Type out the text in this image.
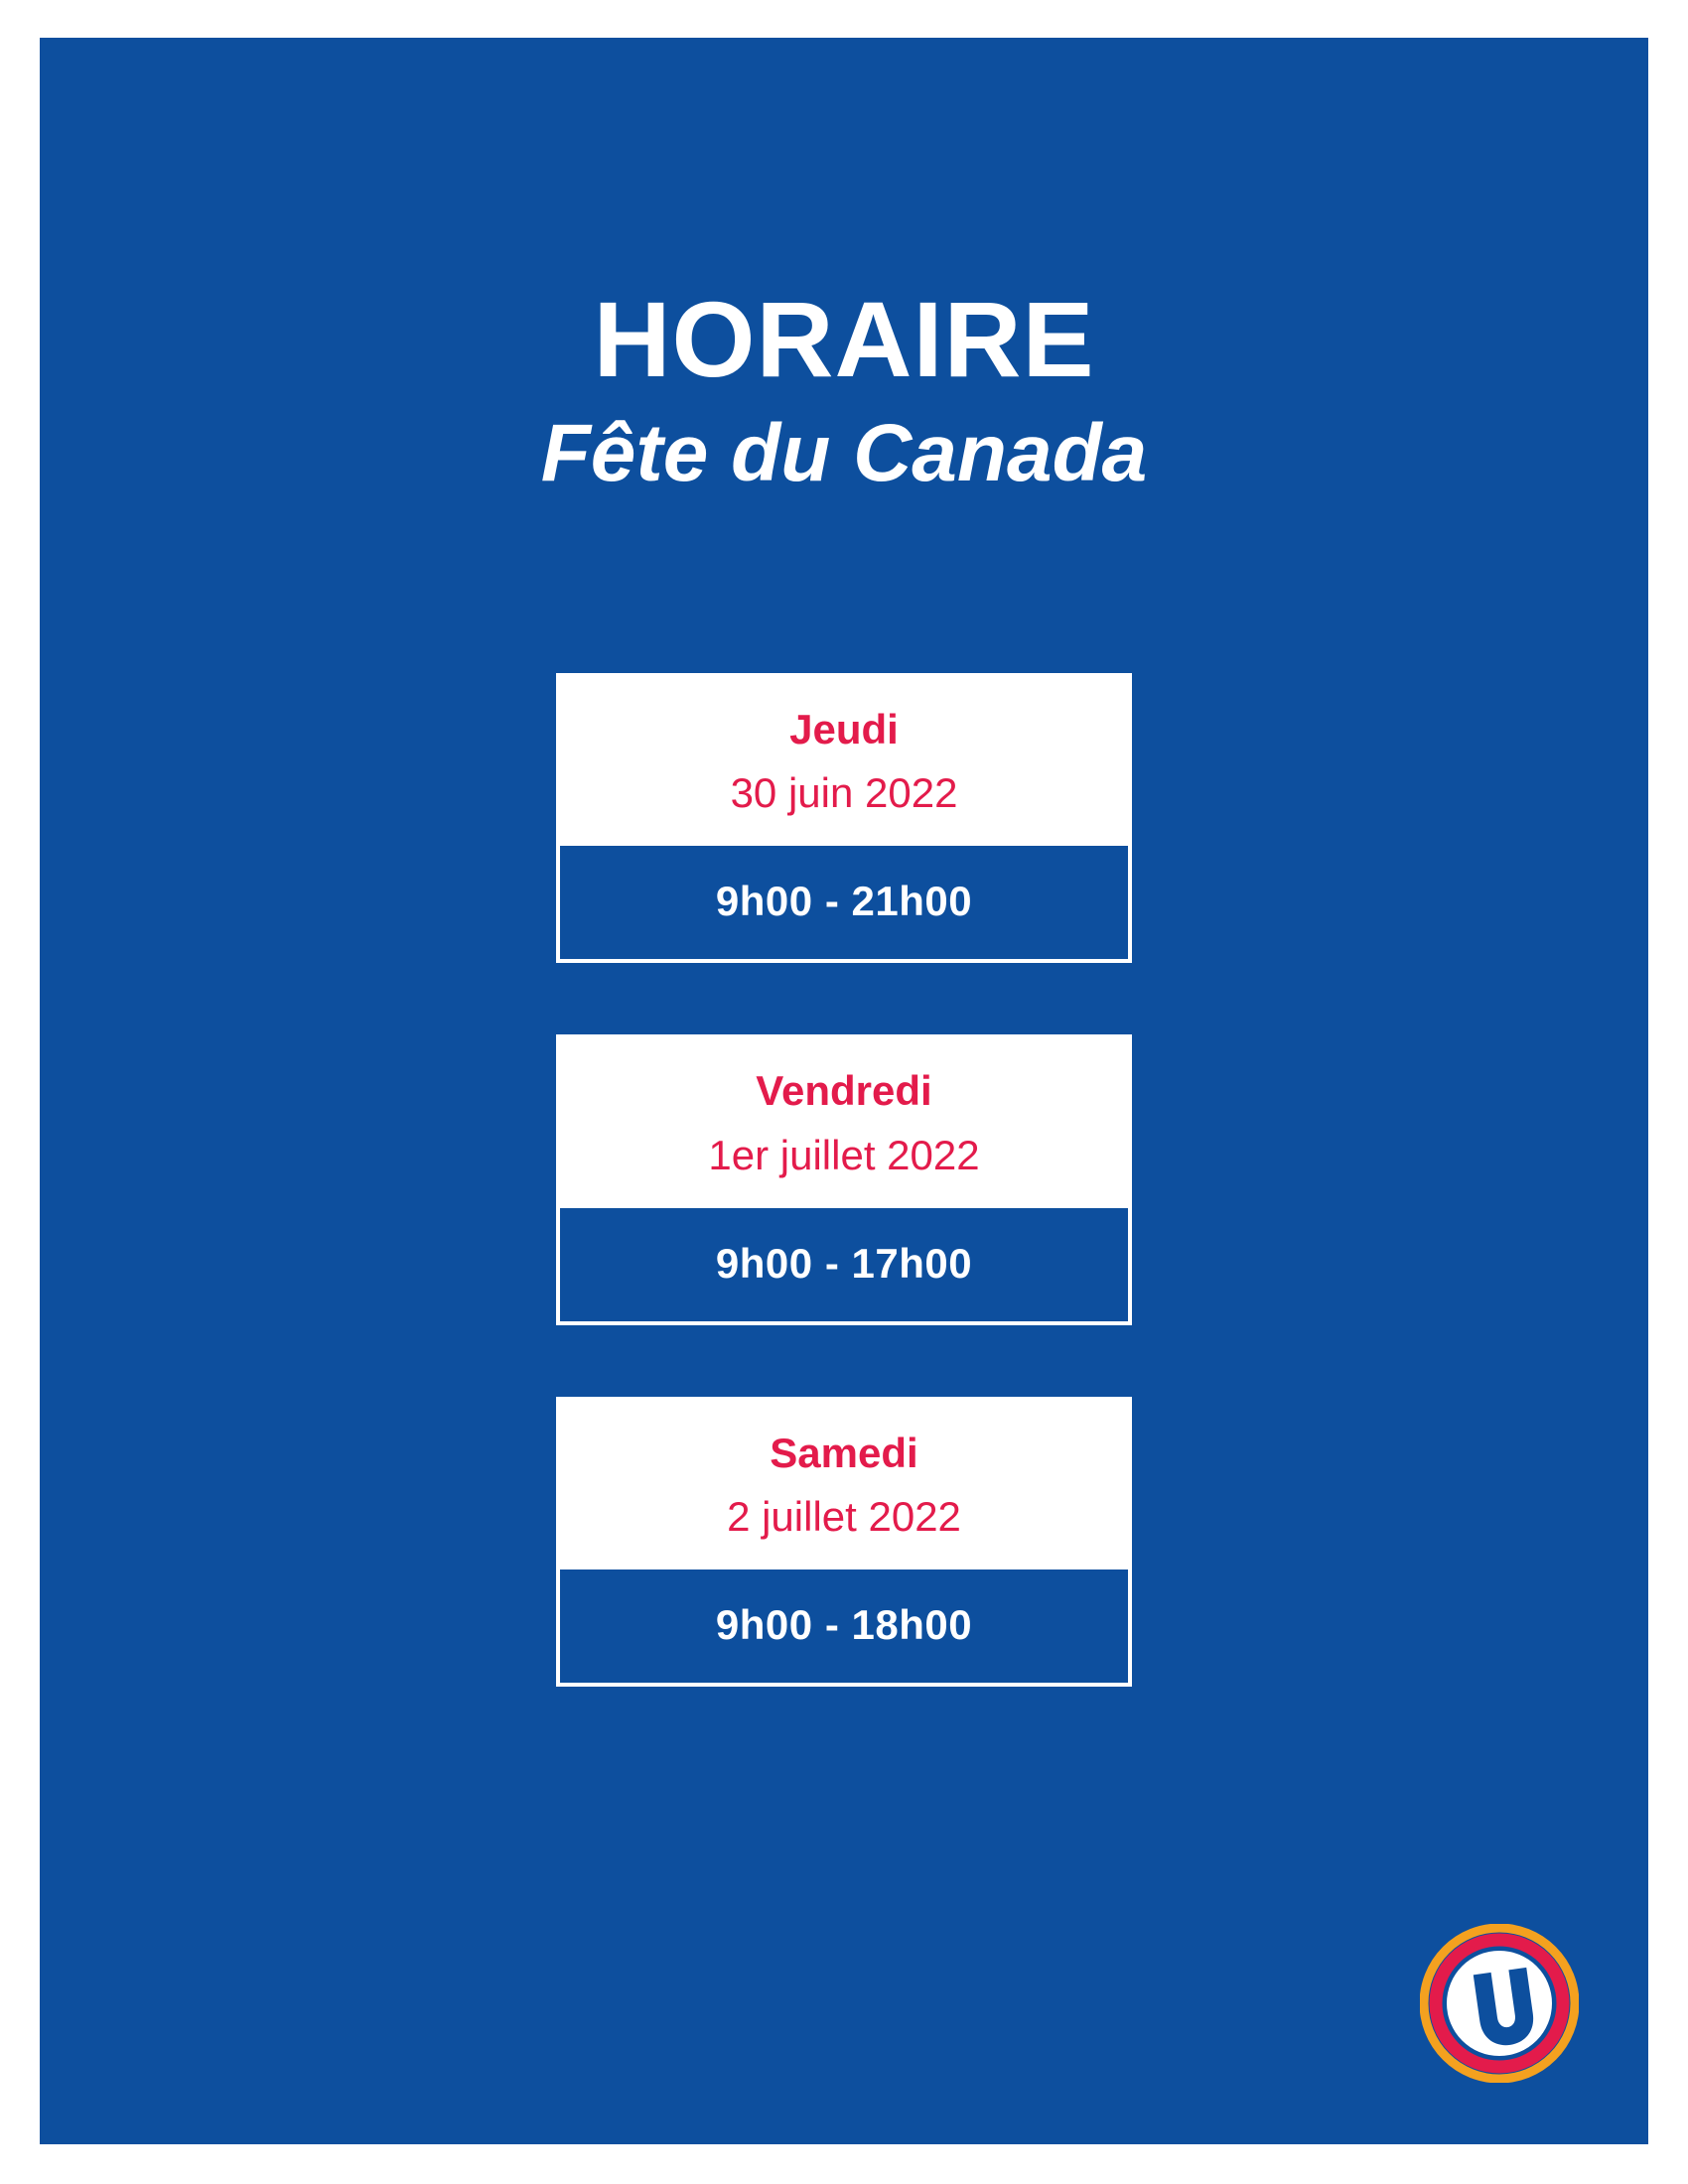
HORAIRE
Fête du Canada
Jeudi
30 juin 2022
9h00 - 21h00
Vendredi
1er juillet 2022
9h00 - 17h00
Samedi
2 juillet 2022
9h00 - 18h00
